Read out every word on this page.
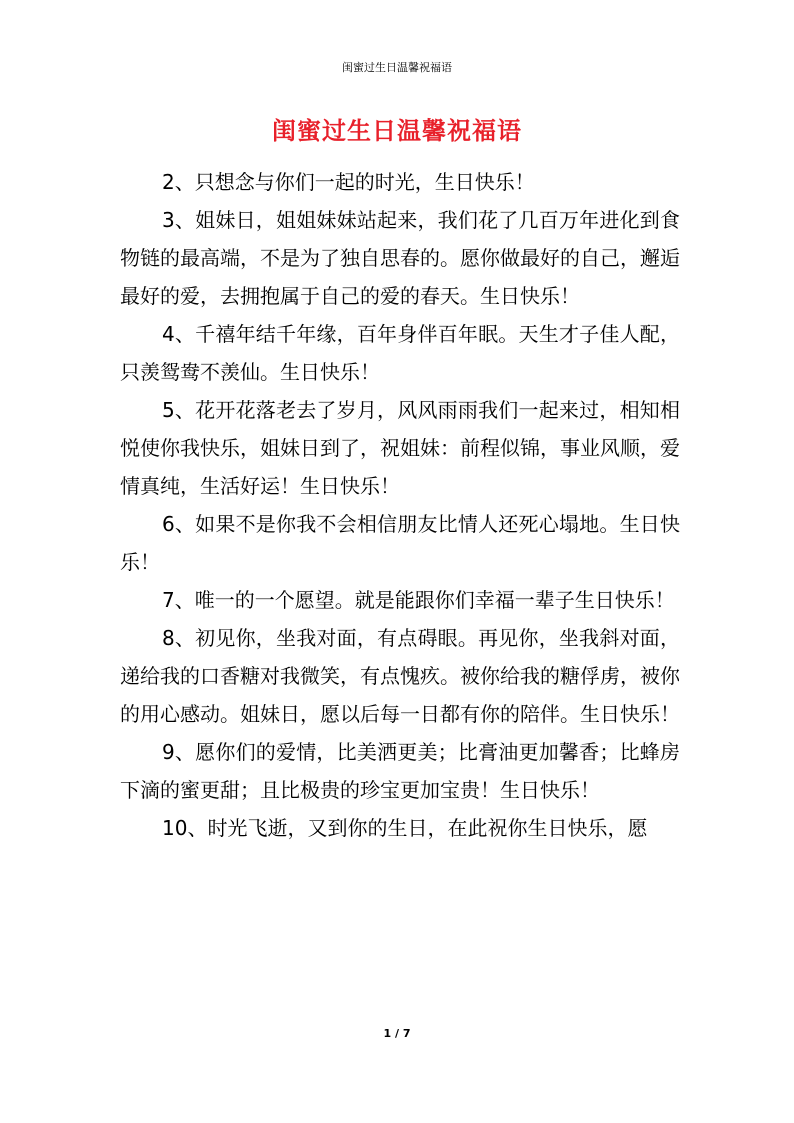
闺蜜过生日温馨祝福语
闺蜜过生日温馨祝福语

2、只想念与你们一起的时光，生日快乐！

3、姐妹日，姐姐妹妹站起来，我们花了几百万年进化到食物链的最高端，不是为了独自思春的。愿你做最好的自己，邂逅最好的爱，去拥抱属于自己的爱的春天。生日快乐！

4、千禧年结千年缘，百年身伴百年眠。天生才子佳人配，只羡鸳鸯不羡仙。生日快乐！

5、花开花落老去了岁月，风风雨雨我们一起来过，相知相悦使你我快乐，姐妹日到了，祝姐妹：前程似锦，事业风顺，爱情真纯，生活好运！生日快乐！

6、如果不是你我不会相信朋友比情人还死心塌地。生日快乐！

7、唯一的一个愿望。就是能跟你们幸福一辈子生日快乐！

8、初见你，坐我对面，有点碍眼。再见你，坐我斜对面，递给我的口香糖对我微笑，有点愧疚。被你给我的糖俘虏，被你的用心感动。姐妹日，愿以后每一日都有你的陪伴。生日快乐！

9、愿你们的爱情，比美洒更美；比膏油更加馨香；比蜂房下滴的蜜更甜；且比极贵的珍宝更加宝贵！生日快乐！

10、时光飞逝，又到你的生日，在此祝你生日快乐，愿

1 / 7
